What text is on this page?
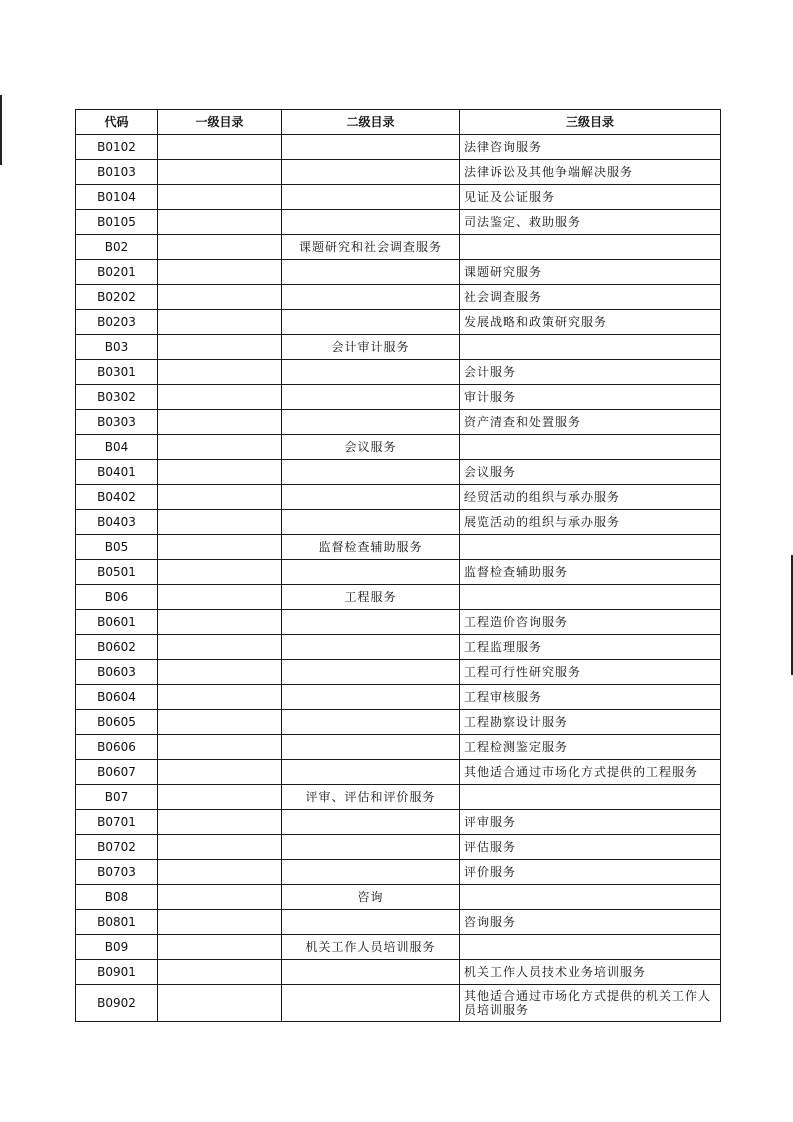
代码	一级目录	二级目录	三级目录
B0102			法律咨询服务
B0103			法律诉讼及其他争端解决服务
B0104			见证及公证服务
B0105			司法鉴定、救助服务
B02		课题研究和社会调查服务	
B0201			课题研究服务
B0202			社会调查服务
B0203			发展战略和政策研究服务
B03		会计审计服务	
B0301			会计服务
B0302			审计服务
B0303			资产清查和处置服务
B04		会议服务	
B0401			会议服务
B0402			经贸活动的组织与承办服务
B0403			展览活动的组织与承办服务
B05		监督检查辅助服务	
B0501			监督检查辅助服务
B06		工程服务	
B0601			工程造价咨询服务
B0602			工程监理服务
B0603			工程可行性研究服务
B0604			工程审核服务
B0605			工程勘察设计服务
B0606			工程检测鉴定服务
B0607			其他适合通过市场化方式提供的工程服务
B07		评审、评估和评价服务	
B0701			评审服务
B0702			评估服务
B0703			评价服务
B08		咨询	
B0801			咨询服务
B09		机关工作人员培训服务	
B0901			机关工作人员技术业务培训服务
B0902			其他适合通过市场化方式提供的机关工作人员培训服务
